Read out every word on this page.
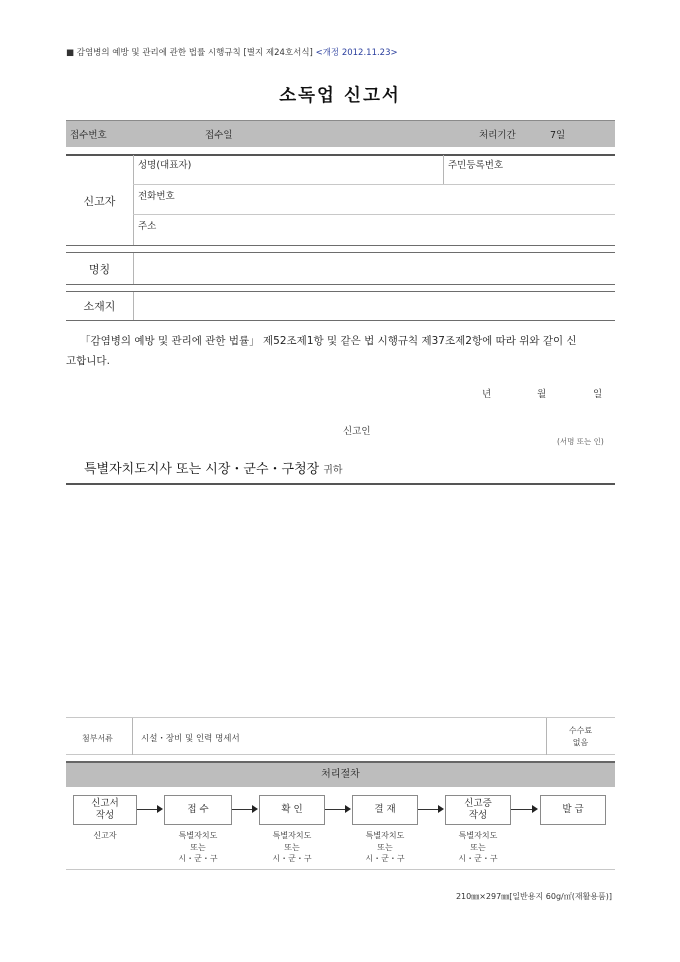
■ 감염병의 예방 및 관리에 관한 법률 시행규칙 [별지 제24호서식] <개정 2012.11.23>
소독업 신고서
접수번호	접수일	처리기간	7일
신고자
성명(대표자)	주민등록번호
전화번호
주소
명칭
소재지
「감염병의 예방 및 관리에 관한 법률」 제52조제1항 및 같은 법 시행규칙 제37조제2항에 따라 위와 같이 신
고합니다.
년	월	일
신고인
(서명 또는 인)
특별자치도지사 또는 시장・군수・구청장 귀하
첨부서류	시설・장비 및 인력 명세서
수수료
없음
처리절차
신고서
작성
접 수	확 인	결 재
신고증
작성
발 급
신고자	특별자치도
또는
시・군・구
특별자치도
또는
시・군・구
특별자치도
또는
시・군・구
특별자치도
또는
시・군・구
210㎜×297㎜[일반용지 60g/㎡(재활용품)]
